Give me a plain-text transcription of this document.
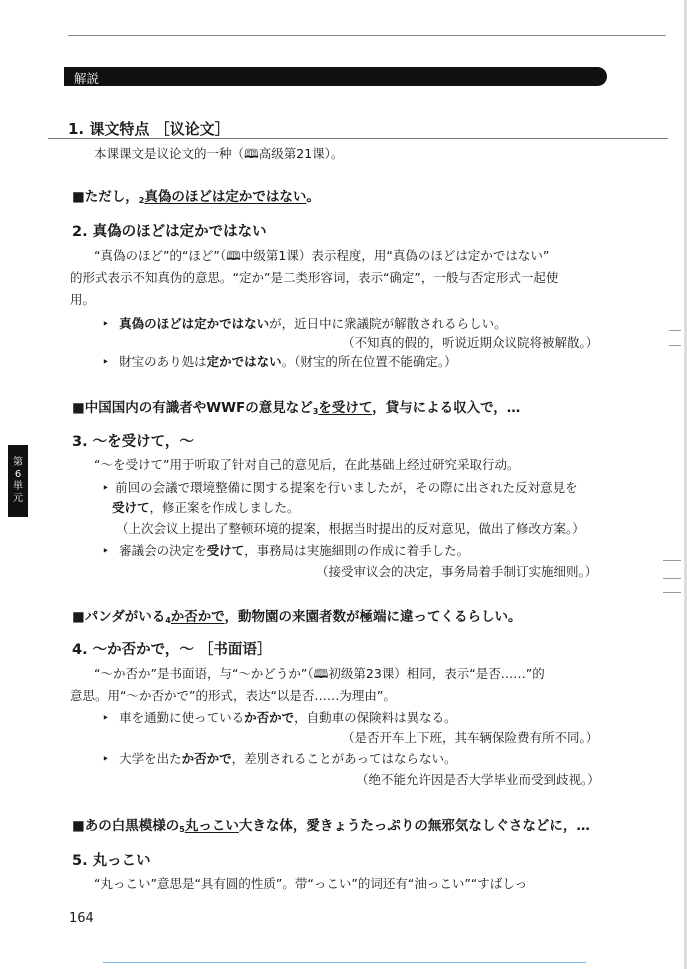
解説
1. 课文特点 ［议论文］
本课课文是议论文的一种（🕮高级第21课）。
■ただし，$_2$真偽のほどは定かではない。
2. 真偽のほどは定かではない
“真偽のほど”的“ほど”（🕮中级第1课）表示程度，用“真偽のほどは定かではない”
的形式表示不知真伪的意思。“定か”是二类形容词，表示“确定”，一般与否定形式一起使
用。
‣ 真偽のほどは定かではないが，近日中に衆議院が解散されるらしい。
（不知真的假的，听说近期众议院将被解散。）
‣ 財宝のあり処は定かではない。（财宝的所在位置不能确定。）
■中国国内の有識者やWWFの意見など$_3$を受けて，貸与による収入で，…
3. ～を受けて，～
“～を受けて”用于听取了针对自己的意见后，在此基础上经过研究采取行动。
‣ 前回の会議で環境整備に関する提案を行いましたが，その際に出された反対意見を
受けて，修正案を作成しました。
（上次会议上提出了整顿环境的提案，根据当时提出的反对意见，做出了修改方案。）
‣ 審議会の決定を受けて，事務局は実施細則の作成に着手した。
（接受审议会的决定，事务局着手制订实施细则。）
■パンダがいる$_4$か否かで，動物園の来園者数が極端に違ってくるらしい。
4. ～か否かで，～ ［书面语］
“～か否か”是书面语，与“～かどうか”（🕮初级第23课）相同，表示“是否……”的
意思。用“～か否かで”的形式，表达“以是否……为理由”。
‣ 車を通勤に使っているか否かで，自動車の保険料は異なる。
（是否开车上下班，其车辆保险费有所不同。）
‣ 大学を出たか否かで，差別されることがあってはならない。
（绝不能允许因是否大学毕业而受到歧视。）
■あの白黒模様の$_5$丸っこい大きな体，愛きょうたっぷりの無邪気なしぐさなどに，…
5. 丸っこい
“丸っこい”意思是“具有圆的性质”。带“っこい”的词还有“油っこい”“すばしっ
第
6
単
元
164
